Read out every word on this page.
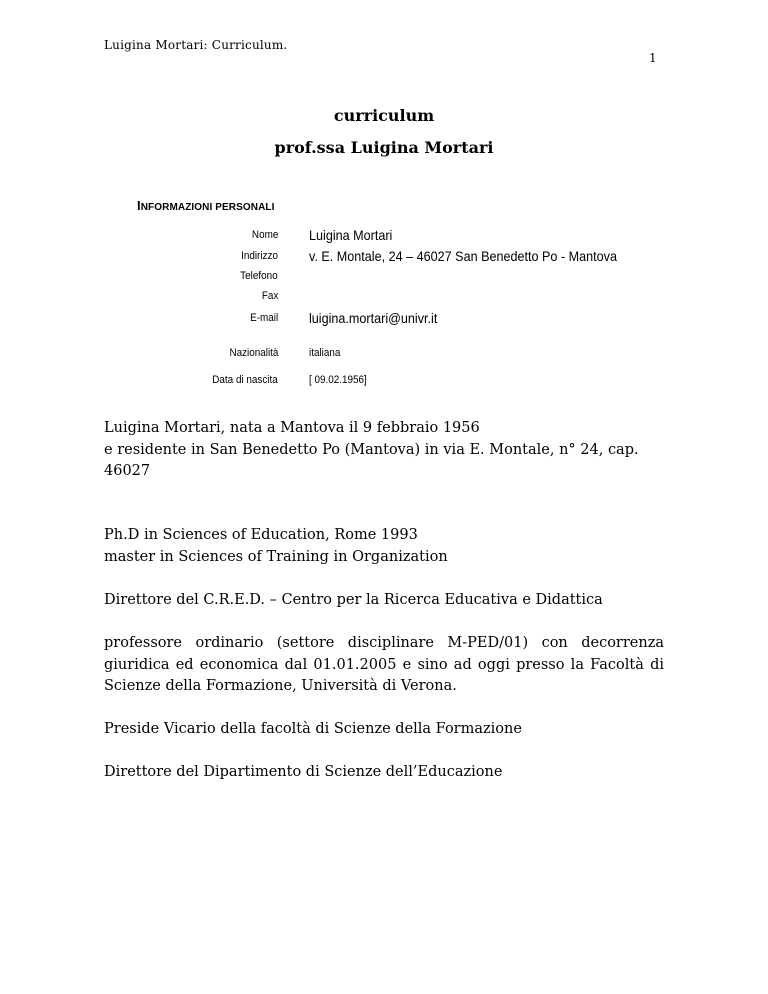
Luigina Mortari: Curriculum.
1
curriculum
prof.ssa Luigina Mortari
INFORMAZIONI PERSONALI
Nome Luigina Mortari
Indirizzo v. E. Montale, 24 – 46027 San Benedetto Po - Mantova
Telefono
Fax
E-mail luigina.mortari@univr.it
Nazionalità	italiana
Data di nascita	[ 09.02.1956]
Luigina Mortari, nata a Mantova il 9 febbraio 1956
e residente in San Benedetto Po (Mantova) in via E. Montale, n° 24, cap.
46027
Ph.D in Sciences of Education, Rome 1993
master in Sciences of Training in Organization
Direttore del C.R.E.D. – Centro per la Ricerca Educativa e Didattica
professore ordinario (settore disciplinare M-PED/01) con decorrenza giuridica ed economica dal 01.01.2005 e sino ad oggi presso la Facoltà di Scienze della Formazione, Università di Verona.
Preside Vicario della facoltà di Scienze della Formazione
Direttore del Dipartimento di Scienze dell’Educazione
